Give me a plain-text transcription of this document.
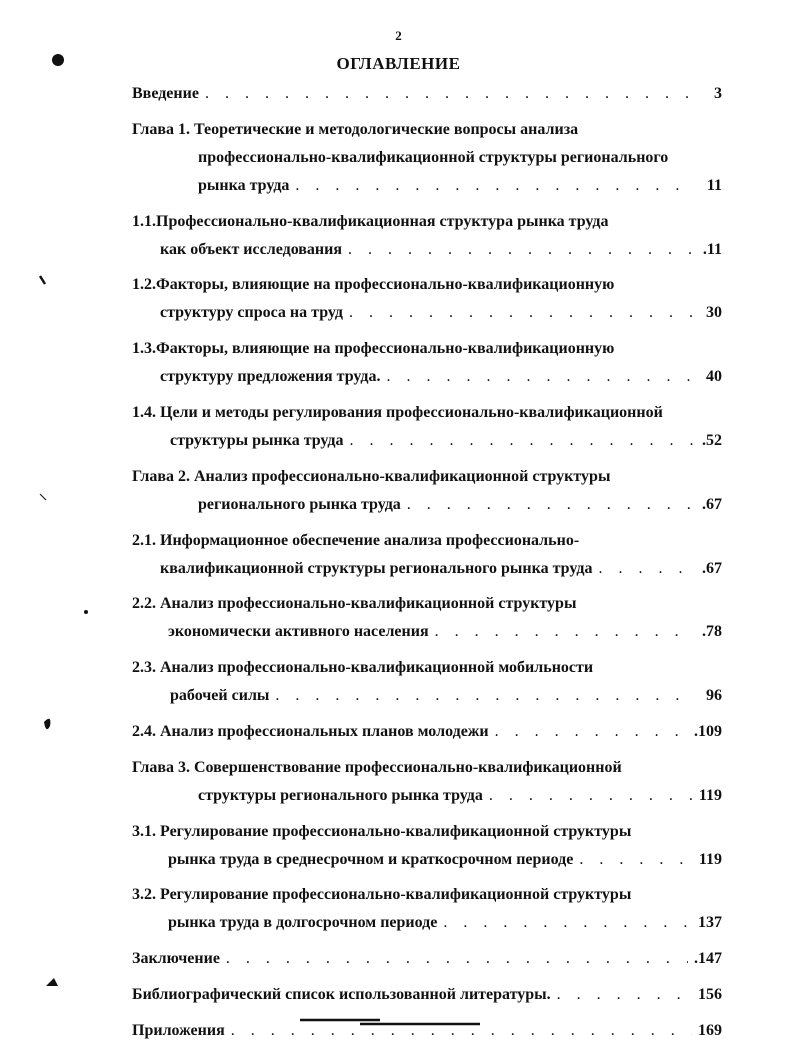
2
ОГЛАВЛЕНИЕ
Введение . . .	3
Глава 1. Теоретические и методологические вопросы анализа
профессионально-квалификационной структуры регионального
рынка труда . . .	11
1.1.Профессионально-квалификационная структура рынка труда
как объект исследования . . .	.11
1.2.Факторы, влияющие на профессионально-квалификационную
структуру спроса на труд . . .	30
1.3.Факторы, влияющие на профессионально-квалификационную
структуру предложения труда. . . .	40
1.4. Цели и методы регулирования профессионально-квалификационной
структуры рынка труда . . .	.52
Глава 2. Анализ профессионально-квалификационной структуры
регионального рынка труда . . .	.67
2.1. Информационное обеспечение анализа профессионально-
квалификационной структуры регионального рынка труда . . .	.67
2.2. Анализ профессионально-квалификационной структуры
экономически активного населения . . .	.78
2.3. Анализ профессионально-квалификационной мобильности
рабочей силы . . .	96
2.4. Анализ профессиональных планов молодежи . . .	.109
Глава 3. Совершенствование профессионально-квалификационной
структуры регионального рынка труда . . .	119
3.1. Регулирование профессионально-квалификационной структуры
рынка труда в среднесрочном и краткосрочном периоде . . .	119
3.2. Регулирование профессионально-квалификационной структуры
рынка труда в долгосрочном периоде . . .	137
Заключение . . .	.147
Библиографический список использованной литературы. . . .	156
Приложения . . .	169
